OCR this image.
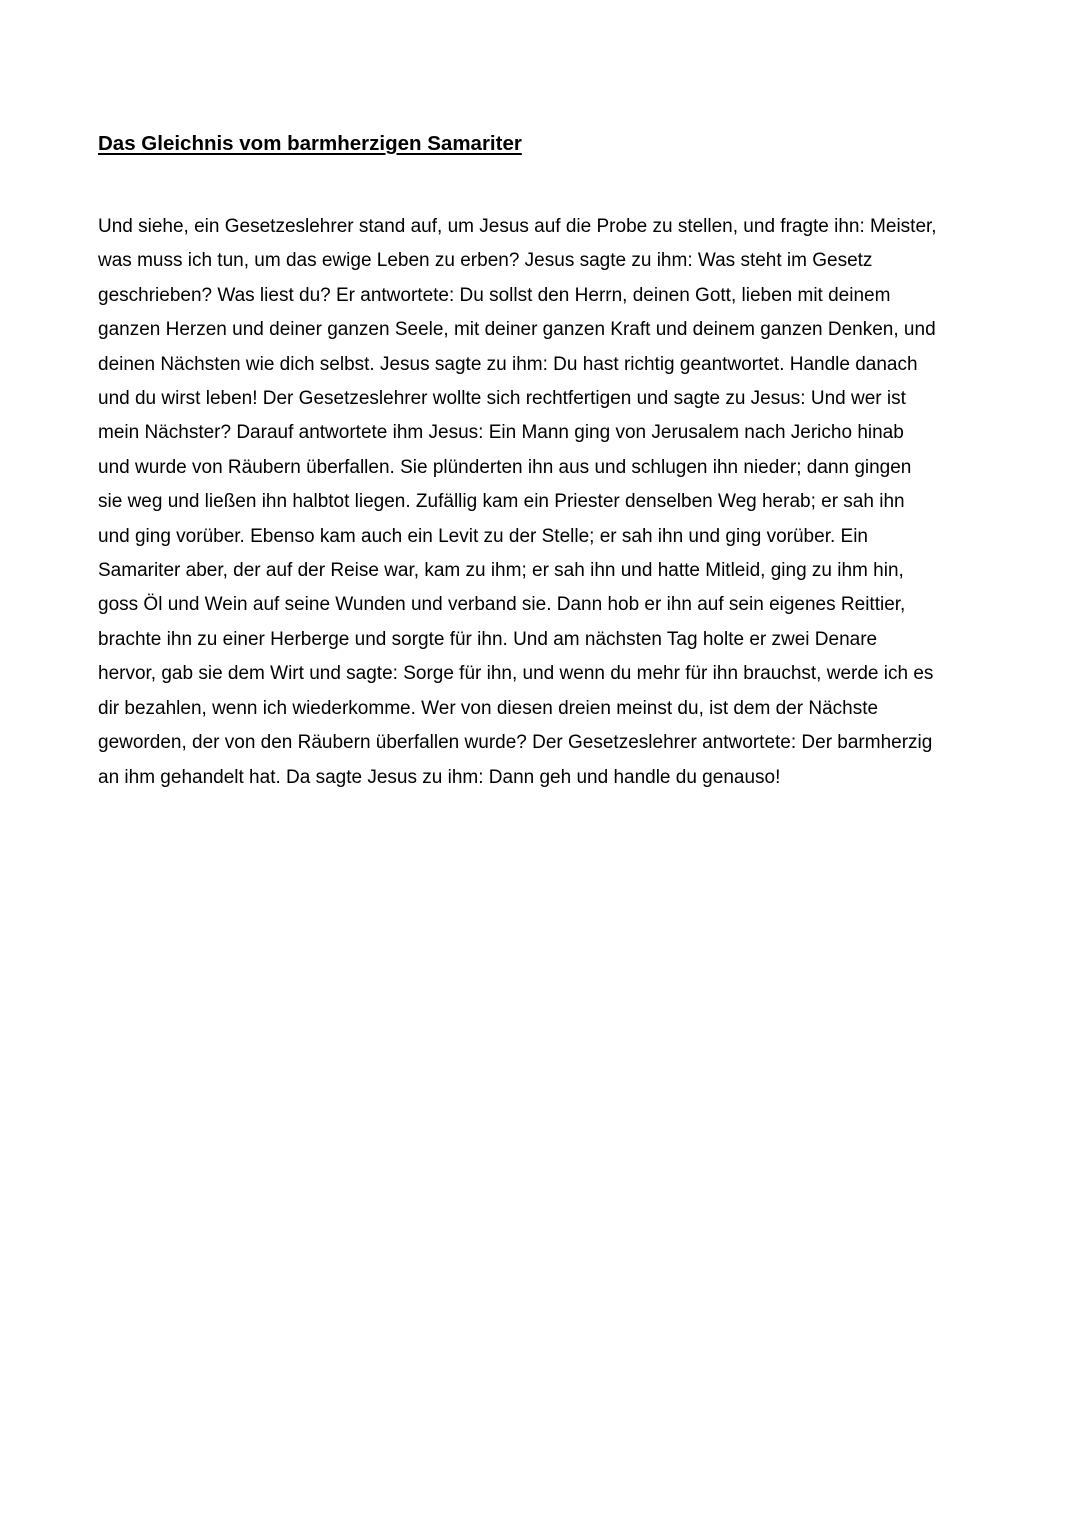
Das Gleichnis vom barmherzigen Samariter
Und siehe, ein Gesetzeslehrer stand auf, um Jesus auf die Probe zu stellen, und fragte ihn: Meister,
was muss ich tun, um das ewige Leben zu erben? Jesus sagte zu ihm: Was steht im Gesetz
geschrieben? Was liest du? Er antwortete: Du sollst den Herrn, deinen Gott, lieben mit deinem
ganzen Herzen und deiner ganzen Seele, mit deiner ganzen Kraft und deinem ganzen Denken, und
deinen Nächsten wie dich selbst. Jesus sagte zu ihm: Du hast richtig geantwortet. Handle danach
und du wirst leben! Der Gesetzeslehrer wollte sich rechtfertigen und sagte zu Jesus: Und wer ist
mein Nächster? Darauf antwortete ihm Jesus: Ein Mann ging von Jerusalem nach Jericho hinab
und wurde von Räubern überfallen. Sie plünderten ihn aus und schlugen ihn nieder; dann gingen
sie weg und ließen ihn halbtot liegen. Zufällig kam ein Priester denselben Weg herab; er sah ihn
und ging vorüber. Ebenso kam auch ein Levit zu der Stelle; er sah ihn und ging vorüber. Ein
Samariter aber, der auf der Reise war, kam zu ihm; er sah ihn und hatte Mitleid, ging zu ihm hin,
goss Öl und Wein auf seine Wunden und verband sie. Dann hob er ihn auf sein eigenes Reittier,
brachte ihn zu einer Herberge und sorgte für ihn. Und am nächsten Tag holte er zwei Denare
hervor, gab sie dem Wirt und sagte: Sorge für ihn, und wenn du mehr für ihn brauchst, werde ich es
dir bezahlen, wenn ich wiederkomme. Wer von diesen dreien meinst du, ist dem der Nächste
geworden, der von den Räubern überfallen wurde? Der Gesetzeslehrer antwortete: Der barmherzig
an ihm gehandelt hat. Da sagte Jesus zu ihm: Dann geh und handle du genauso!
